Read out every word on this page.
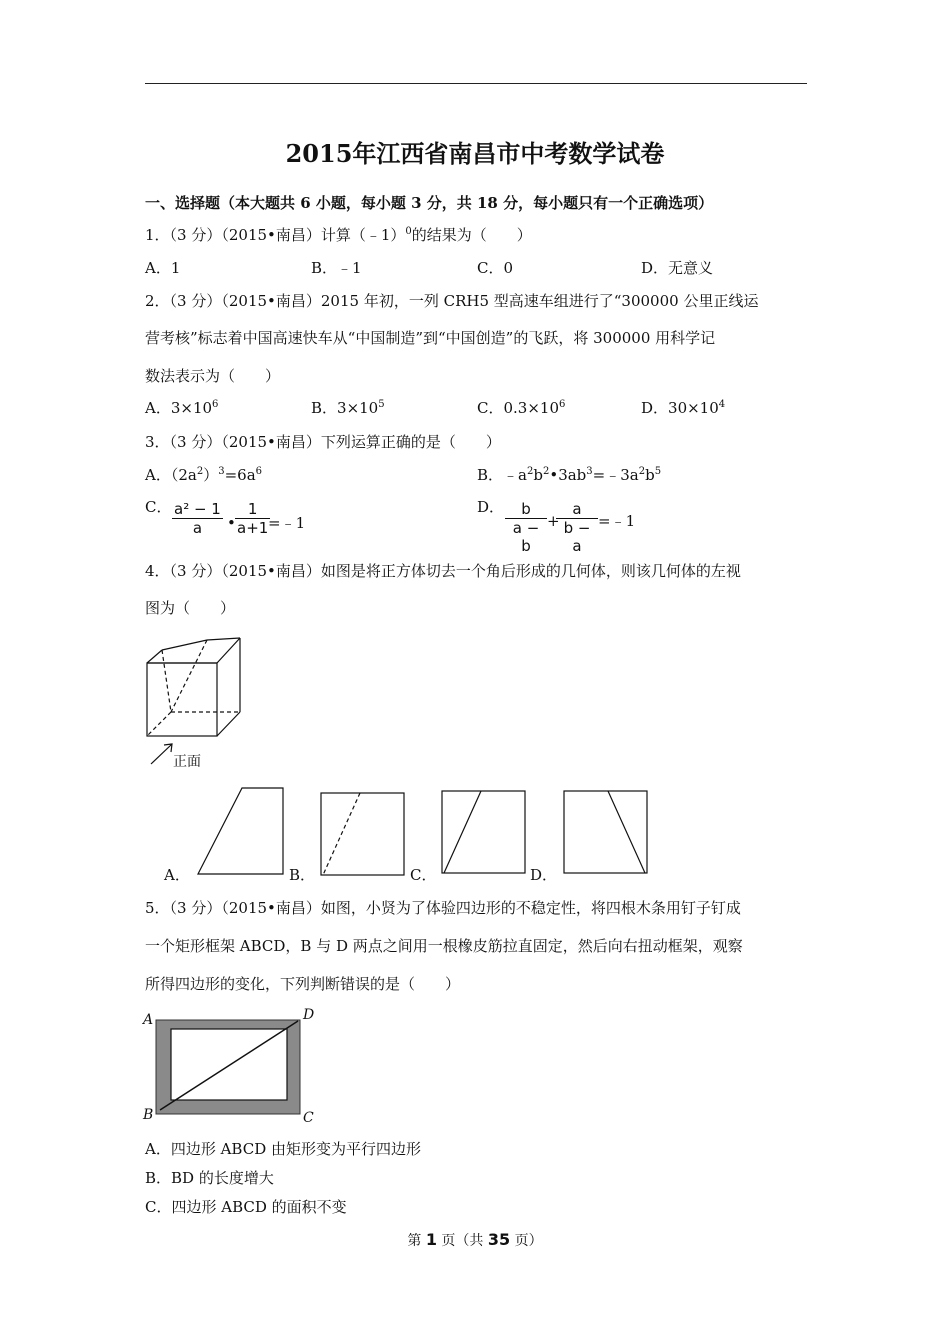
2015年江西省南昌市中考数学试卷
一、选择题（本大题共 6 小题，每小题 3 分，共 18 分，每小题只有一个正确选项）
1．（3 分）（2015•南昌）计算（﹣1）$^0$的结果为（　　）
A．1	B．﹣1	C．0	D．无意义
2．（3 分）（2015•南昌）2015 年初，一列 CRH5 型高速车组进行了“300000 公里正线运
营考核”标志着中国高速快车从“中国制造”到“中国创造”的飞跃，将 300000 用科学记
数法表示为（　　）
A．$3\times 10^6$	B．$3\times 10^5$	C．$0.3\times 10^6$	D．$30\times 10^4$
3．（3 分）（2015•南昌）下列运算正确的是（　　）
A．$(2a^2)^3=6a^6$	B．$﹣a^2b^2•3ab^3=﹣3a^2b^5$
C． $\frac{\text{a² − 1}}{a}$ • $\frac{1}{a+1}$
=﹣1
D． $\frac{b}{a - b}$ +
$\frac{a}{b - a}$ =﹣1
4．（3 分）（2015•南昌）如图是将正方体切去一个角后形成的几何体，则该几何体的左视
图为（　　）
正面
A．	B．	C．	D．
5．（3 分）（2015•南昌）如图，小贤为了体验四边形的不稳定性，将四根木条用钉子钉成
一个矩形框架 ABCD，B 与 D 两点之间用一根橡皮筋拉直固定，然后向右扭动框架，观察
所得四边形的变化，下列判断错误的是（　　）
A	D
B	C
A．四边形 ABCD 由矩形变为平行四边形
B．BD 的长度增大
C．四边形 ABCD 的面积不变
第 1 页（共 35 页）
